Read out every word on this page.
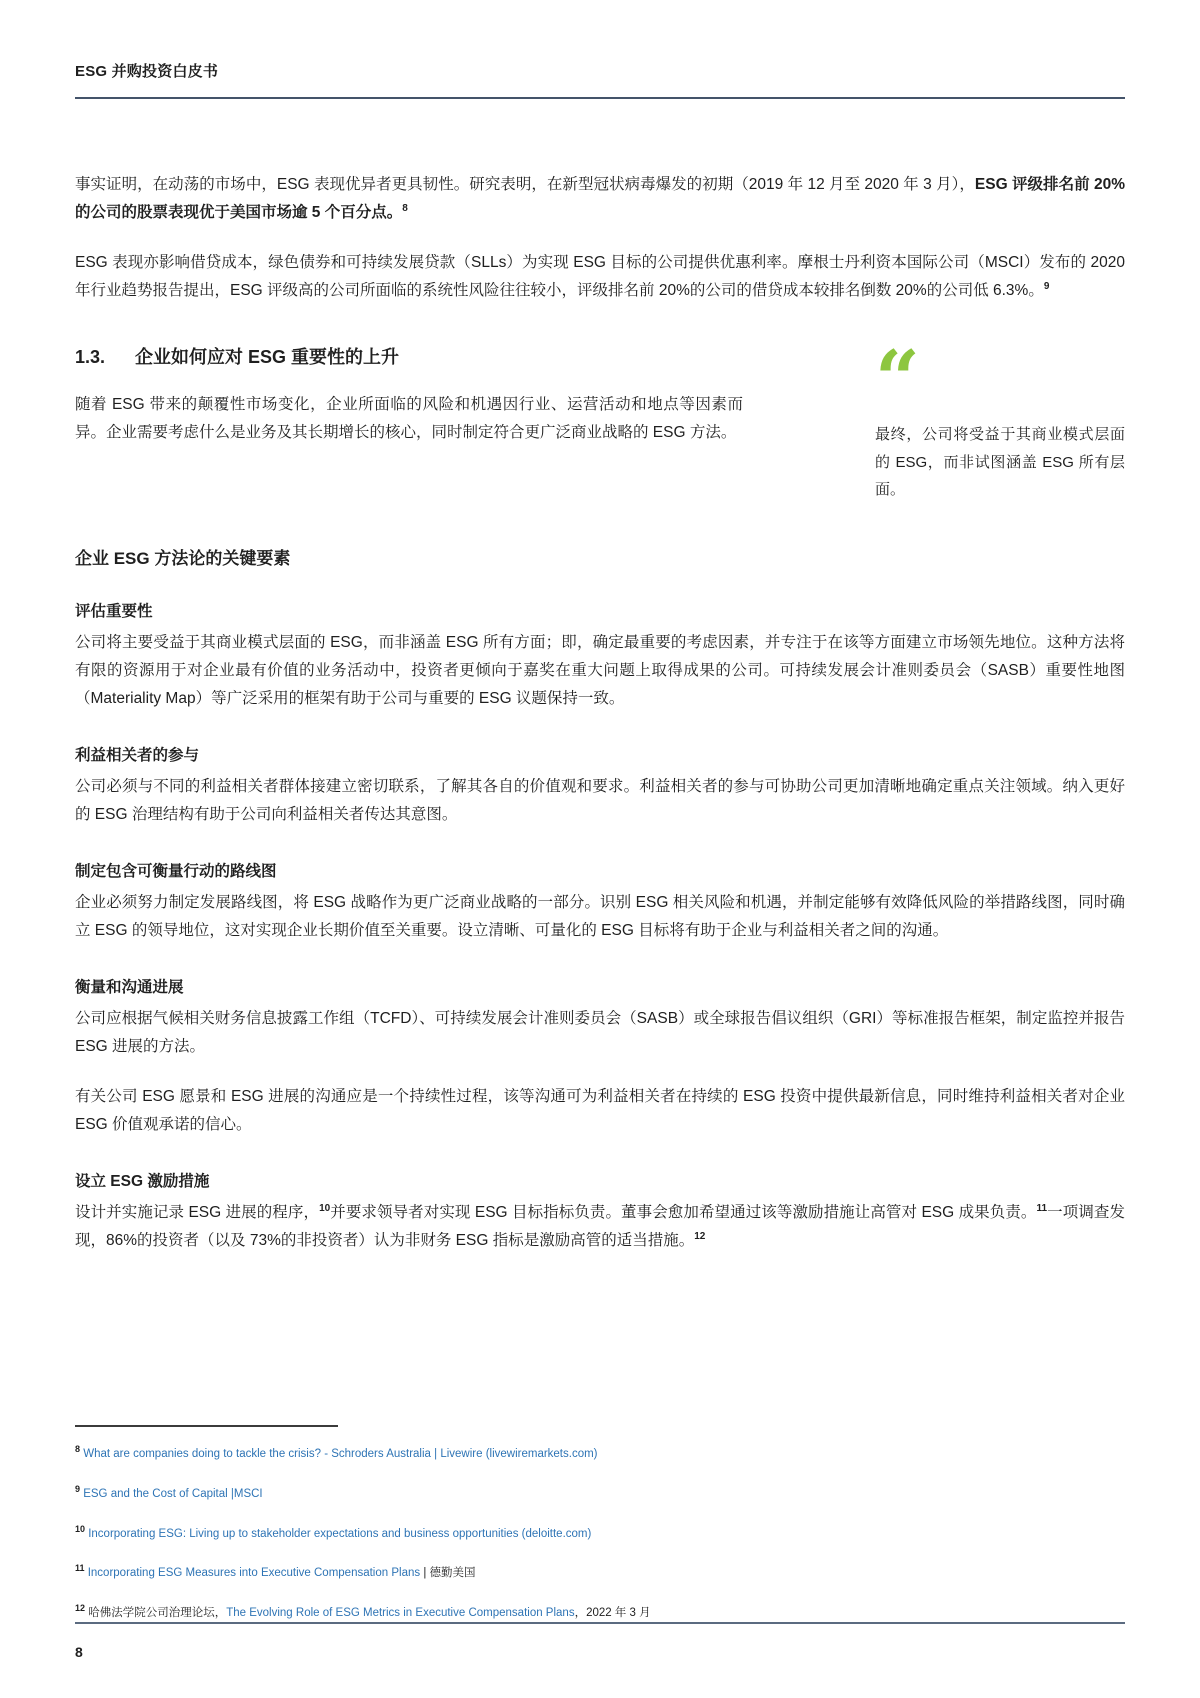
ESG 并购投资白皮书

事实证明，在动荡的市场中，ESG 表现优异者更具韧性。研究表明，在新型冠状病毒爆发的初期（2019 年 12 月至 2020 年 3 月），ESG 评级排名前 20%的公司的股票表现优于美国市场逾 5 个百分点。$^8$

ESG 表现亦影响借贷成本，绿色债券和可持续发展贷款（SLLs）为实现 ESG 目标的公司提供优惠利率。摩根士丹利资本国际公司（MSCI）发布的 2020 年行业趋势报告提出，ESG 评级高的公司所面临的系统性风险往往较小，评级排名前 20%的公司的借贷成本较排名倒数 20%的公司低 6.3%。$^9$

1.3. 企业如何应对 ESG 重要性的上升

随着 ESG 带来的颠覆性市场变化，企业所面临的风险和机遇因行业、运营活动和地点等因素而异。企业需要考虑什么是业务及其长期增长的核心，同时制定符合更广泛商业战略的 ESG 方法。

“

最终，公司将受益于其商业模式层面的 ESG，而非试图涵盖 ESG 所有层面。

企业 ESG 方法论的关键要素
评估重要性

公司将主要受益于其商业模式层面的 ESG，而非涵盖 ESG 所有方面；即，确定最重要的考虑因素，并专注于在该等方面建立市场领先地位。这种方法将有限的资源用于对企业最有价值的业务活动中，投资者更倾向于嘉奖在重大问题上取得成果的公司。可持续发展会计准则委员会（SASB）重要性地图（Materiality Map）等广泛采用的框架有助于公司与重要的 ESG 议题保持一致。

利益相关者的参与

公司必须与不同的利益相关者群体接建立密切联系，了解其各自的价值观和要求。利益相关者的参与可协助公司更加清晰地确定重点关注领域。纳入更好的 ESG 治理结构有助于公司向利益相关者传达其意图。

制定包含可衡量行动的路线图

企业必须努力制定发展路线图，将 ESG 战略作为更广泛商业战略的一部分。识别 ESG 相关风险和机遇，并制定能够有效降低风险的举措路线图，同时确立 ESG 的领导地位，这对实现企业长期价值至关重要。设立清晰、可量化的 ESG 目标将有助于企业与利益相关者之间的沟通。

衡量和沟通进展

公司应根据气候相关财务信息披露工作组（TCFD）、可持续发展会计准则委员会（SASB）或全球报告倡议组织（GRI）等标准报告框架，制定监控并报告 ESG 进展的方法。

有关公司 ESG 愿景和 ESG 进展的沟通应是一个持续性过程，该等沟通可为利益相关者在持续的 ESG 投资中提供最新信息，同时维持利益相关者对企业 ESG 价值观承诺的信心。

设立 ESG 激励措施

设计并实施记录 ESG 进展的程序，$^{10}$并要求领导者对实现 ESG 目标指标负责。董事会愈加希望通过该等激励措施让高管对 ESG 成果负责。$^{11}$一项调查发现，86%的投资者（以及 73%的非投资者）认为非财务 ESG 指标是激励高管的适当措施。$^{12}$

$^8$ What are companies doing to tackle the crisis? - Schroders Australia | Livewire (livewiremarkets.com)

$^9$ ESG and the Cost of Capital |MSCI

$^{10}$ Incorporating ESG: Living up to stakeholder expectations and business opportunities (deloitte.com)

$^{11}$ Incorporating ESG Measures into Executive Compensation Plans | 德勤美国

$^{12}$ 哈佛法学院公司治理论坛，The Evolving Role of ESG Metrics in Executive Compensation Plans，2022 年 3 月

8
